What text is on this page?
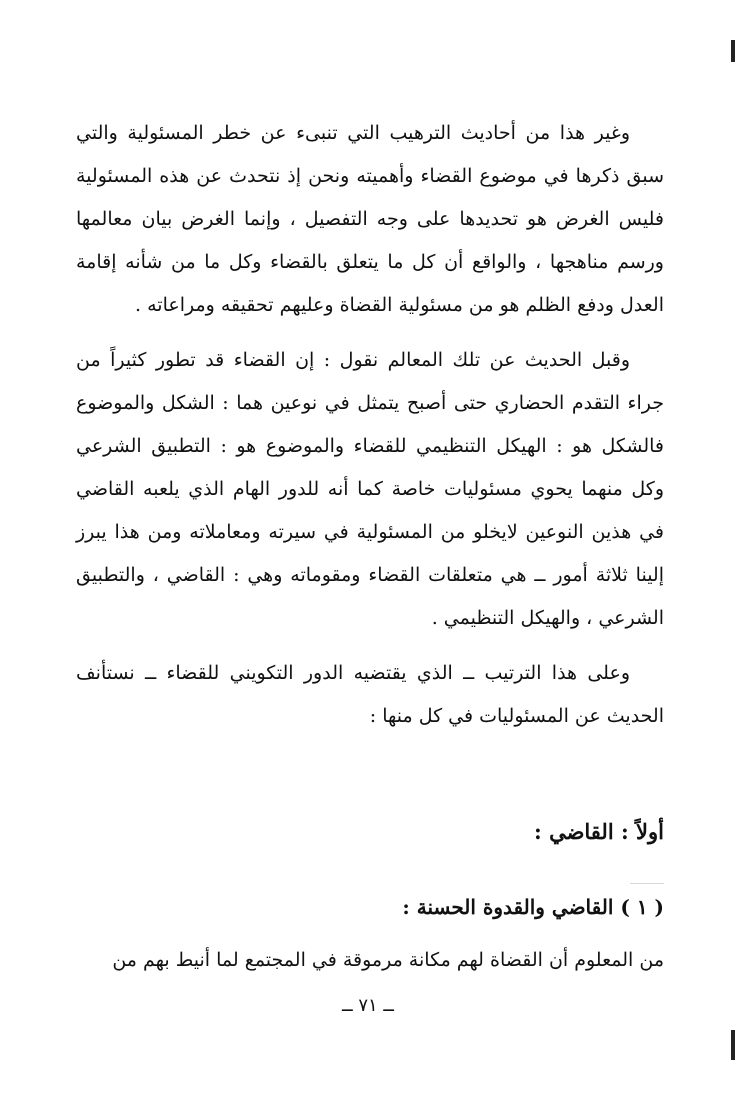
وغير هذا من أحاديث الترهيب التي تنبىء عن خطر المسئولية والتي سبق ذكرها في موضوع القضاء وأهميته ونحن إذ نتحدث عن هذه المسئولية فليس الغرض هو تحديدها على وجه التفصيل ، وإنما الغرض بيان معالمها ورسم مناهجها ، والواقع أن كل ما يتعلق بالقضاء وكل ما من شأنه إقامة العدل ودفع الظلم هو من مسئولية القضاة وعليهم تحقيقه ومراعاته .

وقبل الحديث عن تلك المعالم نقول : إن القضاء قد تطور كثيراً من جراء التقدم الحضاري حتى أصبح يتمثل في نوعين هما : الشكل والموضوع فالشكل هو : الهيكل التنظيمي للقضاء والموضوع هو : التطبيق الشرعي وكل منهما يحوي مسئوليات خاصة كما أنه للدور الهام الذي يلعبه القاضي في هذين النوعين لايخلو من المسئولية في سيرته ومعاملاته ومن هذا يبرز إلينا ثلاثة أمور ــ هي متعلقات القضاء ومقوماته وهي : القاضي ، والتطبيق الشرعي ، والهيكل التنظيمي .

وعلى هذا الترتيب ــ الذي يقتضيه الدور التكويني للقضاء ــ نستأنف الحديث عن المسئوليات في كل منها :

أولاً : القاضي :
( ١ ) القاضي والقدوة الحسنة :

من المعلوم أن القضاة لهم مكانة مرموقة في المجتمع لما أنيط بهم من

ــ ٧١ ــ
